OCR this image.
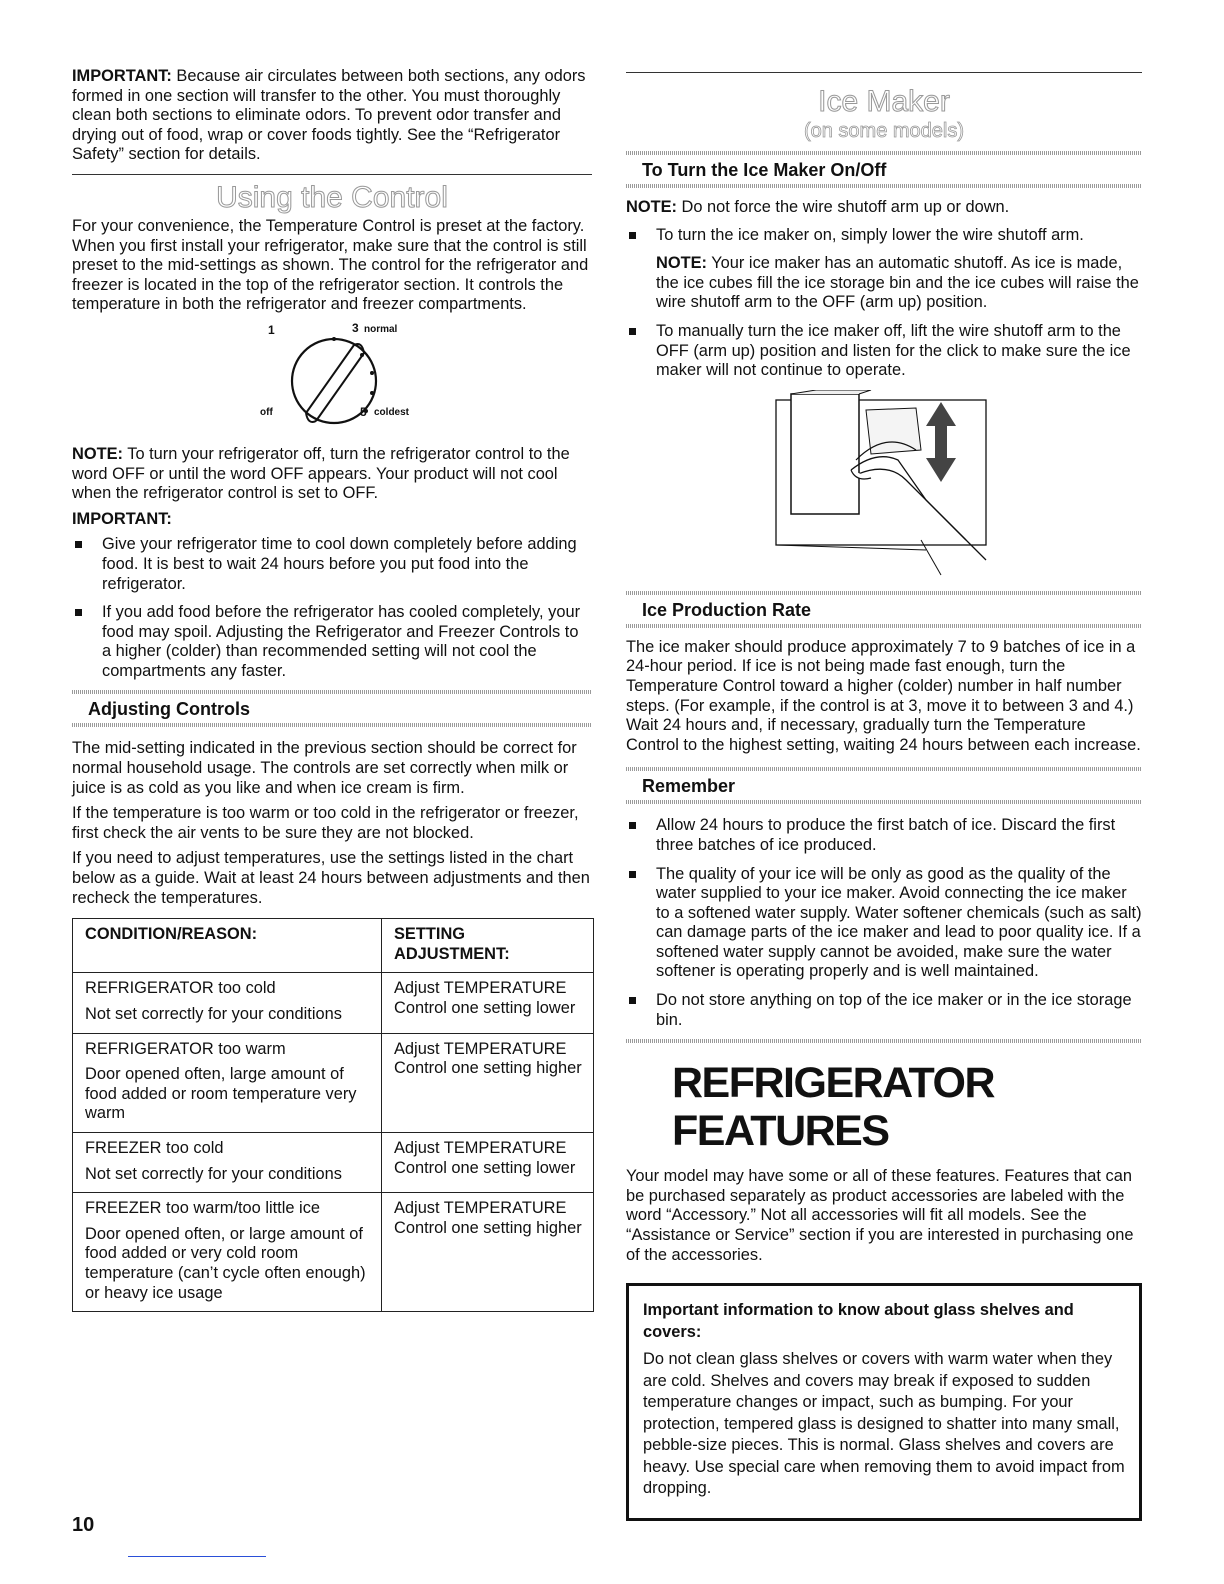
IMPORTANT: Because air circulates between both sections, any odors formed in one section will transfer to the other. You must thoroughly clean both sections to eliminate odors. To prevent odor transfer and drying out of food, wrap or cover foods tightly. See the “Refrigerator Safety” section for details.

Using the Control

For your convenience, the Temperature Control is preset at the factory. When you first install your refrigerator, make sure that the control is still preset to the mid-settings as shown. The control for the refrigerator and freezer is located in the top of the refrigerator section. It controls the temperature in both the refrigerator and freezer compartments.

1	3 normal
off	5 coldest

NOTE: To turn your refrigerator off, turn the refrigerator control to the word OFF or until the word OFF appears. Your product will not cool when the refrigerator control is set to OFF.

IMPORTANT:

Give your refrigerator time to cool down completely before adding food. It is best to wait 24 hours before you put food into the refrigerator.
If you add food before the refrigerator has cooled completely, your food may spoil. Adjusting the Refrigerator and Freezer Controls to a higher (colder) than recommended setting will not cool the compartments any faster.
Adjusting Controls

The mid-setting indicated in the previous section should be correct for normal household usage. The controls are set correctly when milk or juice is as cold as you like and when ice cream is firm.

If the temperature is too warm or too cold in the refrigerator or freezer, first check the air vents to be sure they are not blocked.

If you need to adjust temperatures, use the settings listed in the chart below as a guide. Wait at least 24 hours between adjustments and then recheck the temperatures.

CONDITION/REASON:	SETTING ADJUSTMENT:

REFRIGERATOR too cold
Not set correctly for your conditions	Adjust TEMPERATURE Control one setting lower

REFRIGERATOR too warm
Door opened often, large amount of food added or room temperature very warm	Adjust TEMPERATURE Control one setting higher

FREEZER too cold
Not set correctly for your conditions	Adjust TEMPERATURE Control one setting lower

FREEZER too warm/too little ice
Door opened often, or large amount of food added or very cold room temperature (can’t cycle often enough) or heavy ice usage	Adjust TEMPERATURE Control one setting higher
Ice Maker
(on some models)
To Turn the Ice Maker On/Off

NOTE: Do not force the wire shutoff arm up or down.

To turn the ice maker on, simply lower the wire shutoff arm.

NOTE: Your ice maker has an automatic shutoff. As ice is made, the ice cubes fill the ice storage bin and the ice cubes will raise the wire shutoff arm to the OFF (arm up) position.

To manually turn the ice maker off, lift the wire shutoff arm to the OFF (arm up) position and listen for the click to make sure the ice maker will not continue to operate.
Ice Production Rate

The ice maker should produce approximately 7 to 9 batches of ice in a 24-hour period. If ice is not being made fast enough, turn the Temperature Control toward a higher (colder) number in half number steps. (For example, if the control is at 3, move it to between 3 and 4.) Wait 24 hours and, if necessary, gradually turn the Temperature Control to the highest setting, waiting 24 hours between each increase.

Remember
Allow 24 hours to produce the first batch of ice. Discard the first three batches of ice produced.
The quality of your ice will be only as good as the quality of the water supplied to your ice maker. Avoid connecting the ice maker to a softened water supply. Water softener chemicals (such as salt) can damage parts of the ice maker and lead to poor quality ice. If a softened water supply cannot be avoided, make sure the water softener is operating properly and is well maintained.
Do not store anything on top of the ice maker or in the ice storage bin.
REFRIGERATOR FEATURES

Your model may have some or all of these features. Features that can be purchased separately as product accessories are labeled with the word “Accessory.” Not all accessories will fit all models. See the “Assistance or Service” section if you are interested in purchasing one of the accessories.

Important information to know about glass shelves and covers:

Do not clean glass shelves or covers with warm water when they are cold. Shelves and covers may break if exposed to sudden temperature changes or impact, such as bumping. For your protection, tempered glass is designed to shatter into many small, pebble-size pieces. This is normal. Glass shelves and covers are heavy. Use special care when removing them to avoid impact from dropping.

10
